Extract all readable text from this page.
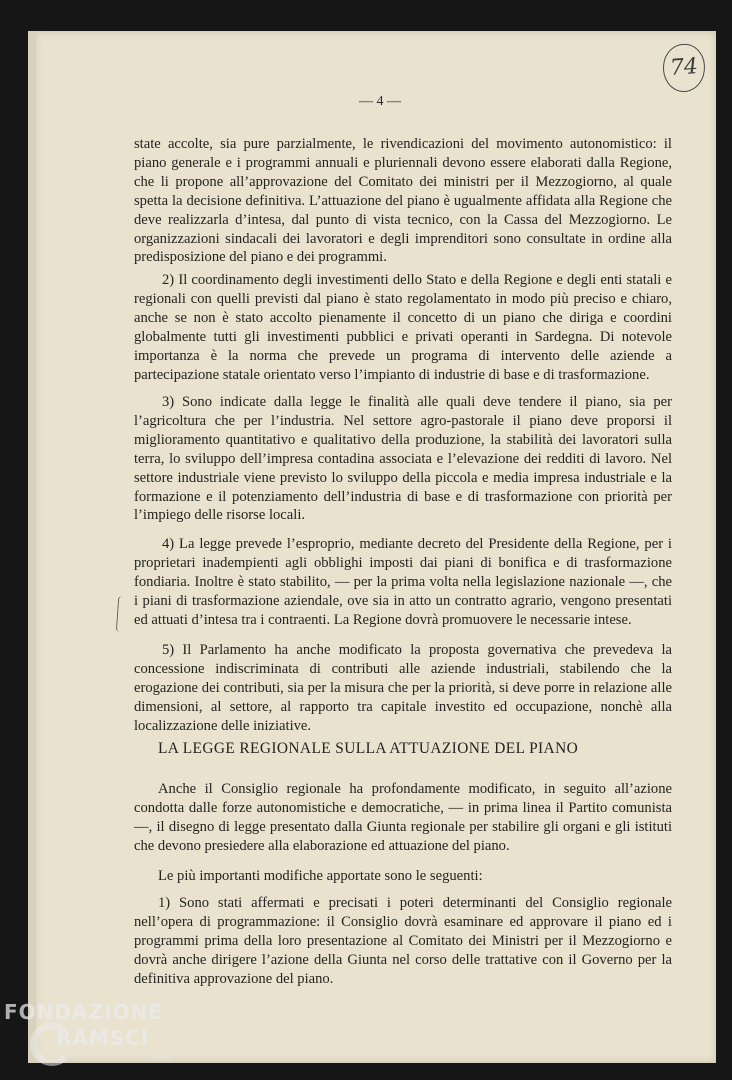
74
— 4 —
state accolte, sia pure parzialmente, le rivendicazioni del movimento autonomistico: il piano generale e i programmi annuali e pluriennali devono essere elaborati dalla Regione, che li propone all’approvazione del Comitato dei ministri per il Mezzogiorno, al quale spetta la decisione definitiva. L’attuazione del piano è ugualmente affidata alla Regione che deve realizzarla d’intesa, dal punto di vista tecnico, con la Cassa del Mezzogiorno. Le organizzazioni sindacali dei lavoratori e degli imprenditori sono consultate in ordine alla predisposizione del piano e dei programmi.
2) Il coordinamento degli investimenti dello Stato e della Regione e degli enti statali e regionali con quelli previsti dal piano è stato regolamentato in modo più preciso e chiaro, anche se non è stato accolto pienamente il concetto di un piano che diriga e coordini globalmente tutti gli investimenti pubblici e privati operanti in Sardegna. Di notevole importanza è la norma che prevede un programa di intervento delle aziende a partecipazione statale orientato verso l’impianto di industrie di base e di trasformazione.
3) Sono indicate dalla legge le finalità alle quali deve tendere il piano, sia per l’agricoltura che per l’industria. Nel settore agro-pastorale il piano deve proporsi il miglioramento quantitativo e qualitativo della produzione, la stabilità dei lavoratori sulla terra, lo sviluppo dell’impresa contadina associata e l’elevazione dei redditi di lavoro. Nel settore industriale viene previsto lo sviluppo della piccola e media impresa industriale e la formazione e il potenziamento dell’industria di base e di trasformazione con priorità per l’impiego delle risorse locali.
4) La legge prevede l’esproprio, mediante decreto del Presidente della Regione, per i proprietari inadempienti agli obblighi imposti dai piani di bonifica e di trasformazione fondiaria. Inoltre è stato stabilito, — per la prima volta nella legislazione nazionale —, che i piani di trasformazione aziendale, ove sia in atto un contratto agrario, vengono presentati ed attuati d’intesa tra i contraenti. La Regione dovrà promuovere le necessarie intese.
5) Il Parlamento ha anche modificato la proposta governativa che prevedeva la concessione indiscriminata di contributi alle aziende industriali, stabilendo che la erogazione dei contributi, sia per la misura che per la priorità, si deve porre in relazione alle dimensioni, al settore, al rapporto tra capitale investito ed occupazione, nonchè alla localizzazione delle iniziative.
LA LEGGE REGIONALE SULLA ATTUAZIONE DEL PIANO
Anche il Consiglio regionale ha profondamente modificato, in seguito all’azione condotta dalle forze autonomistiche e democratiche, — in prima linea il Partito comunista —, il disegno di legge presentato dalla Giunta regionale per stabilire gli organi e gli istituti che devono presiedere alla elaborazione ed attuazione del piano.
Le più importanti modifiche apportate sono le seguenti:
1) Sono stati affermati e precisati i poteri determinanti del Consiglio regionale nell’opera di programmazione: il Consiglio dovrà esaminare ed approvare il piano ed i programmi prima della loro presentazione al Comitato dei Ministri per il Mezzogiorno e dovrà anche dirigere l’azione della Giunta nel corso delle trattative con il Governo per la definitiva approvazione del piano.
FONDAZIONE
RAMSCI
onlus
